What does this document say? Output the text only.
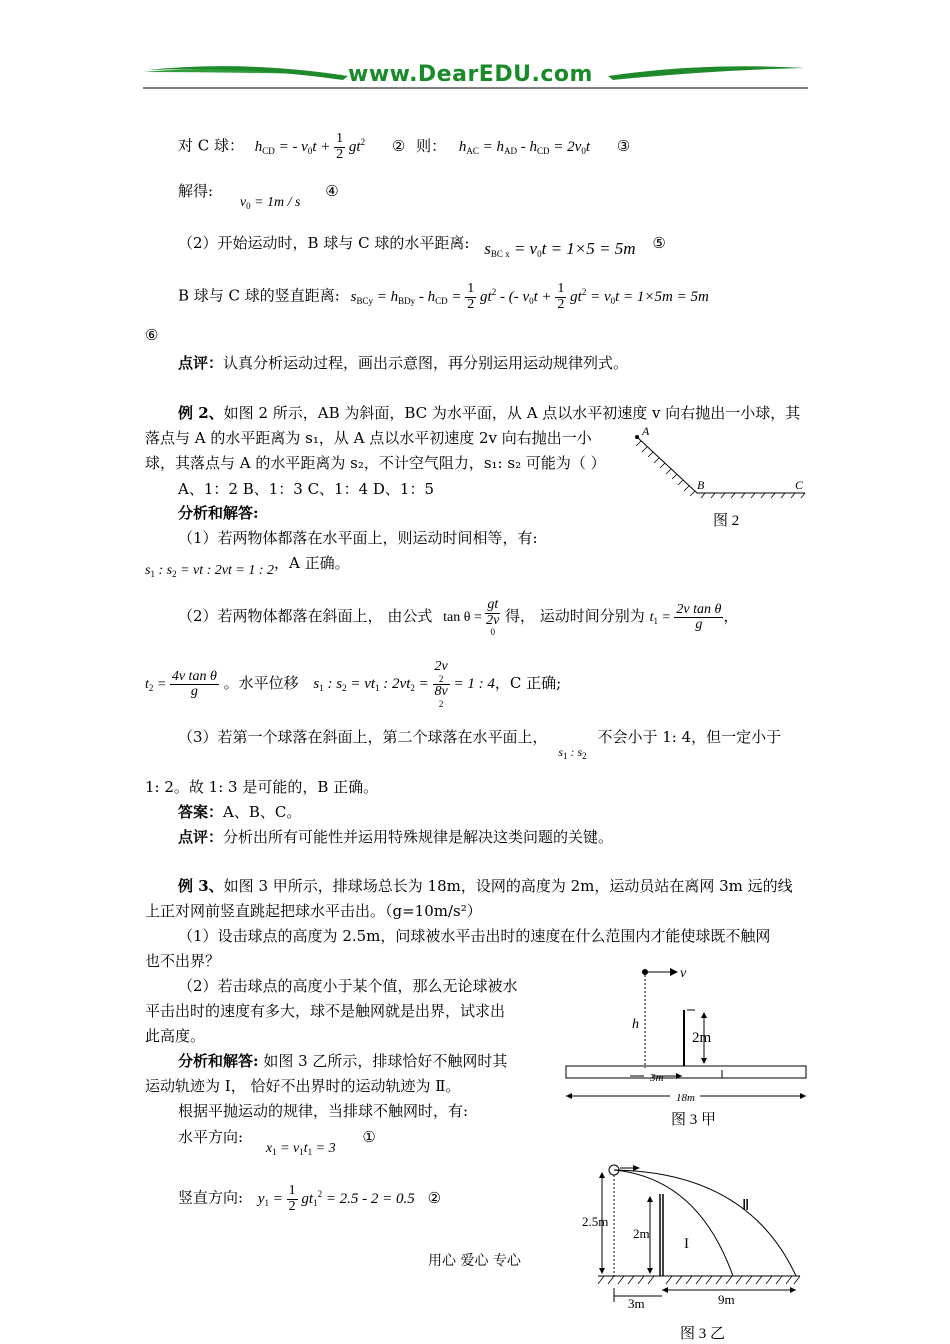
www.DearEDU.com
对 C 球： $h_{CD}$ = - $v_0t + \frac{1}{2} gt^2$ ② 则： $h_{AC} = h_{AD} - h_{CD} = 2v_0t$ ③
解得: $v_0 = 1m / s$ ④
（2）开始运动时，B 球与 C 球的水平距离: $s_{BC x} = v_0t = 1\times 5 = 5m$ ⑤
B 球与 C 球的竖直距离: $s_{BCy} = h_{BDy} - h_{CD} = \frac{1}{2} gt^2$ - (- $v_0t + \frac{1}{2} gt^2 = v_0t = 1\times 5m = 5m$
⑥
点评：认真分析运动过程，画出示意图，再分别运用运动规律列式。
例 2、如图 2 所示，AB 为斜面，BC 为水平面，从 A 点以水平初速度 v 向右抛出一小球，其
落点与 A 的水平距离为 s₁，从 A 点以水平初速度 2v 向右抛出一小
球，其落点与 A 的水平距离为 s₂，不计空气阻力，s₁: s₂ 可能为（ ）
A、1：2 B、1：3 C、1：4 D、1：5
分析和解答:
A
B	C
图 2
（1）若两物体都落在水平面上，则运动时间相等，有:
$s_1$ : $s_2$ = vt : 2vt = 1 : 2，A 正确。
（2）若两物体都落在斜面上， 由公式 tan θ = gt
2v
0 得， 运动时间分别为 $t_1 = \frac{\text{2v tan θ}}{g}$ ，
$t_2 = \frac{\text{4v tan θ}}{g}$ 。水平位移 $s_1$ : $s_2 = vt_1$ : $2vt_2 = 2v$
2
8v
2 = 1 : 4，C 正确;
（3）若第一个球落在斜面上，第二个球落在水平面上， $_{s_1 : s_2}$ 不会小于 1: 4，但一定小于
1: 2。故 1: 3 是可能的，B 正确。
答案：A、B、C。
点评：分析出所有可能性并运用特殊规律是解决这类问题的关键。
例 3、如图 3 甲所示，排球场总长为 18m，设网的高度为 2m，运动员站在离网 3m 远的线
上正对网前竖直跳起把球水平击出。（g=10m/s²）
（1）设击球点的高度为 2.5m，问球被水平击出时的速度在什么范围内才能使球既不触网
也不出界？
（2）若击球点的高度小于某个值，那么无论球被水
平击出时的速度有多大，球不是触网就是出界，试求出
此高度。
分析和解答: 如图 3 乙所示，排球恰好不触网时其
运动轨迹为 Ⅰ， 恰好不出界时的运动轨迹为 Ⅱ。
根据平抛运动的规律，当排球不触网时，有:
水平方向: $x_1 = v_1t_1 = 3$ ①
竖直方向: $y_1 = \frac{1}{2} gt_1^2 = 2.5 - 2 = 0.5$ ②
v
h
2m
3m
18m
图 3 甲
2.5m
2m
I
Ⅱ
3m	9m
图 3 乙
用心 爱心 专心
